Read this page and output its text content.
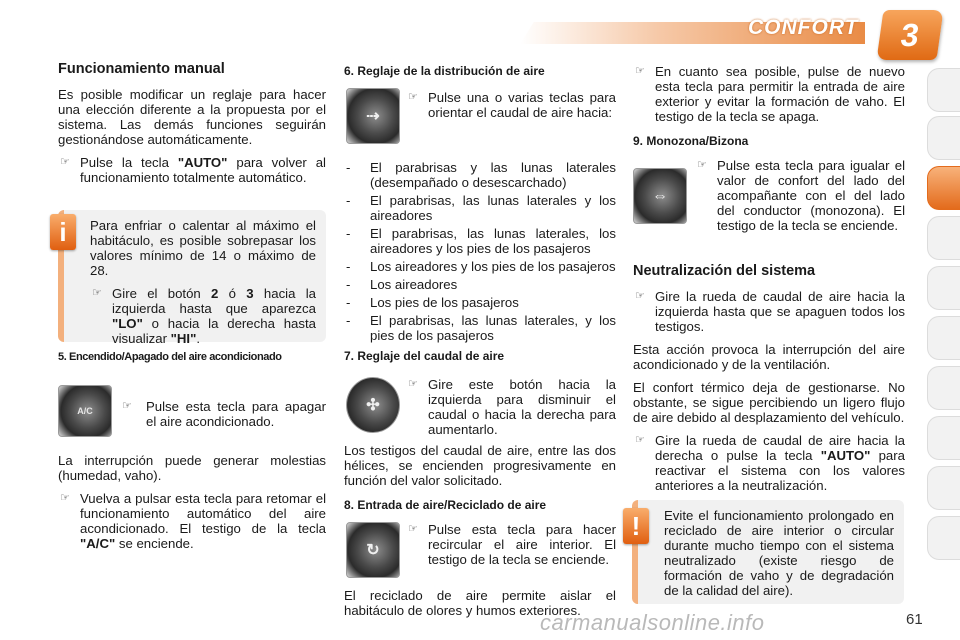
CONFORT	3
Funcionamiento manual

Es posible modificar un reglaje para hacer una elección diferente a la propuesta por el sistema. Las demás funciones seguirán gestionándose automáticamente.

☞ Pulse la tecla "AUTO" para volver al funcionamiento totalmente automático.

Para enfriar o calentar al máximo el habitáculo, es posible sobrepasar los valores mínimo de 14 o máximo de 28.

☞ Gire el botón 2 ó 3 hacia la izquierda hasta que aparezca "LO" o hacia la derecha hasta visualizar "HI".
i
5. Encendido/Apagado del aire acondicionado
A/C	☞ Pulse esta tecla para apagar el aire acondicionado.

La interrupción puede generar molestias (humedad, vaho).

☞ Vuelva a pulsar esta tecla para retomar el funcionamiento automático del aire acondicionado. El testigo de la tecla "A/C" se enciende.
6. Reglaje de la distribución de aire
⇢
☞ Pulse una o varias teclas para orientar el caudal de aire hacia:
- El parabrisas y las lunas laterales (desempañado o desescarchado)
- El parabrisas, las lunas laterales y los aireadores
- El parabrisas, las lunas laterales, los aireadores y los pies de los pasajeros
- Los aireadores y los pies de los pasajeros
- Los aireadores
- Los pies de los pasajeros
- El parabrisas, las lunas laterales, y los pies de los pasajeros
7. Reglaje del caudal de aire
✣
☞ Gire este botón hacia la izquierda para disminuir el caudal o hacia la derecha para aumentarlo.

Los testigos del caudal de aire, entre las dos hélices, se encienden progresivamente en función del valor solicitado.

8. Entrada de aire/Reciclado de aire
↻
☞ Pulse esta tecla para hacer recircular el aire interior. El testigo de la tecla se enciende.

El reciclado de aire permite aislar el habitáculo de olores y humos exteriores.

☞ En cuanto sea posible, pulse de nuevo esta tecla para permitir la entrada de aire exterior y evitar la formación de vaho. El testigo de la tecla se apaga.
9. Monozona/Bizona
⇔
☞ Pulse esta tecla para igualar el valor de confort del lado del acompañante con el del lado del conductor (monozona). El testigo de la tecla se enciende.
Neutralización del sistema
☞ Gire la rueda de caudal de aire hacia la izquierda hasta que se apaguen todos los testigos.

Esta acción provoca la interrupción del aire acondicionado y de la ventilación.

El confort térmico deja de gestionarse. No obstante, se sigue percibiendo un ligero flujo de aire debido al desplazamiento del vehículo.

☞ Gire la rueda de caudal de aire hacia la derecha o pulse la tecla "AUTO" para reactivar el sistema con los valores anteriores a la neutralización.

Evite el funcionamiento prolongado en reciclado de aire interior o circular durante mucho tiempo con el sistema neutralizado (existe riesgo de formación de vaho y de degradación de la calidad del aire).

!
carmanualsonline.info	61
